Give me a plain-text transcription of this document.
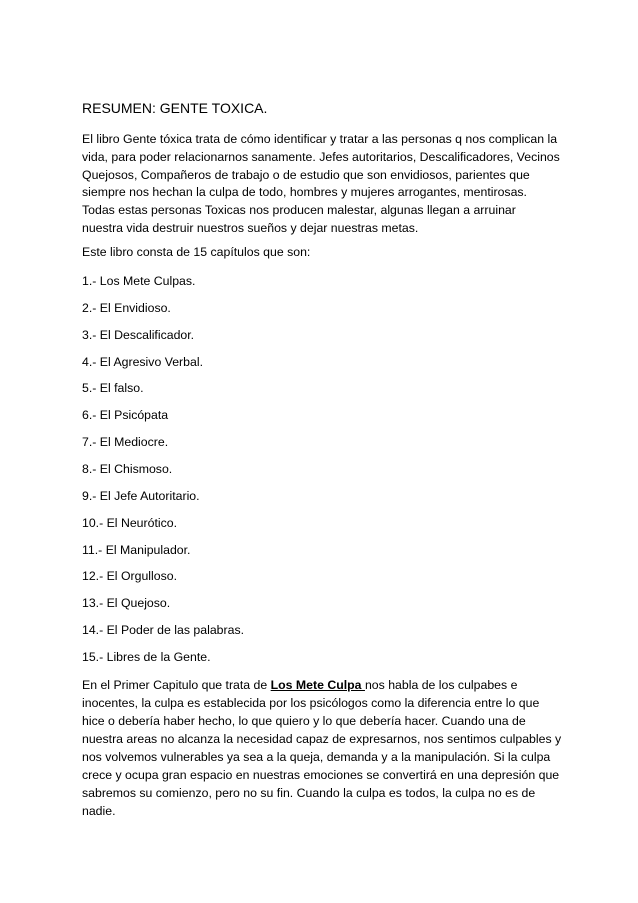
RESUMEN: GENTE TOXICA.
El libro Gente tóxica trata de cómo identificar y tratar a las personas q nos complican la
vida, para poder relacionarnos sanamente. Jefes autoritarios, Descalificadores, Vecinos
Quejosos, Compañeros de trabajo o de estudio que son envidiosos, parientes que
siempre nos hechan la culpa de todo, hombres y mujeres arrogantes, mentirosas.
Todas estas personas Toxicas nos producen malestar, algunas llegan a arruinar
nuestra vida destruir nuestros sueños y dejar nuestras metas.
Este libro consta de 15 capítulos que son:
1.- Los Mete Culpas.
2.- El Envidioso.
3.- El Descalificador.
4.- El Agresivo Verbal.
5.- El falso.
6.- El Psicópata
7.- El Mediocre.
8.- El Chismoso.
9.- El Jefe Autoritario.
10.- El Neurótico.
11.- El Manipulador.
12.- El Orgulloso.
13.- El Quejoso.
14.- El Poder de las palabras.
15.- Libres de la Gente.
En el Primer Capitulo que trata de Los Mete Culpa nos habla de los culpabes e
inocentes, la culpa es establecida por los psicólogos como la diferencia entre lo que
hice o debería haber hecho, lo que quiero y lo que debería hacer. Cuando una de
nuestra areas no alcanza la necesidad capaz de expresarnos, nos sentimos culpables y
nos volvemos vulnerables ya sea a la queja, demanda y a la manipulación. Si la culpa
crece y ocupa gran espacio en nuestras emociones se convertirá en una depresión que
sabremos su comienzo, pero no su fin. Cuando la culpa es todos, la culpa no es de
nadie.
